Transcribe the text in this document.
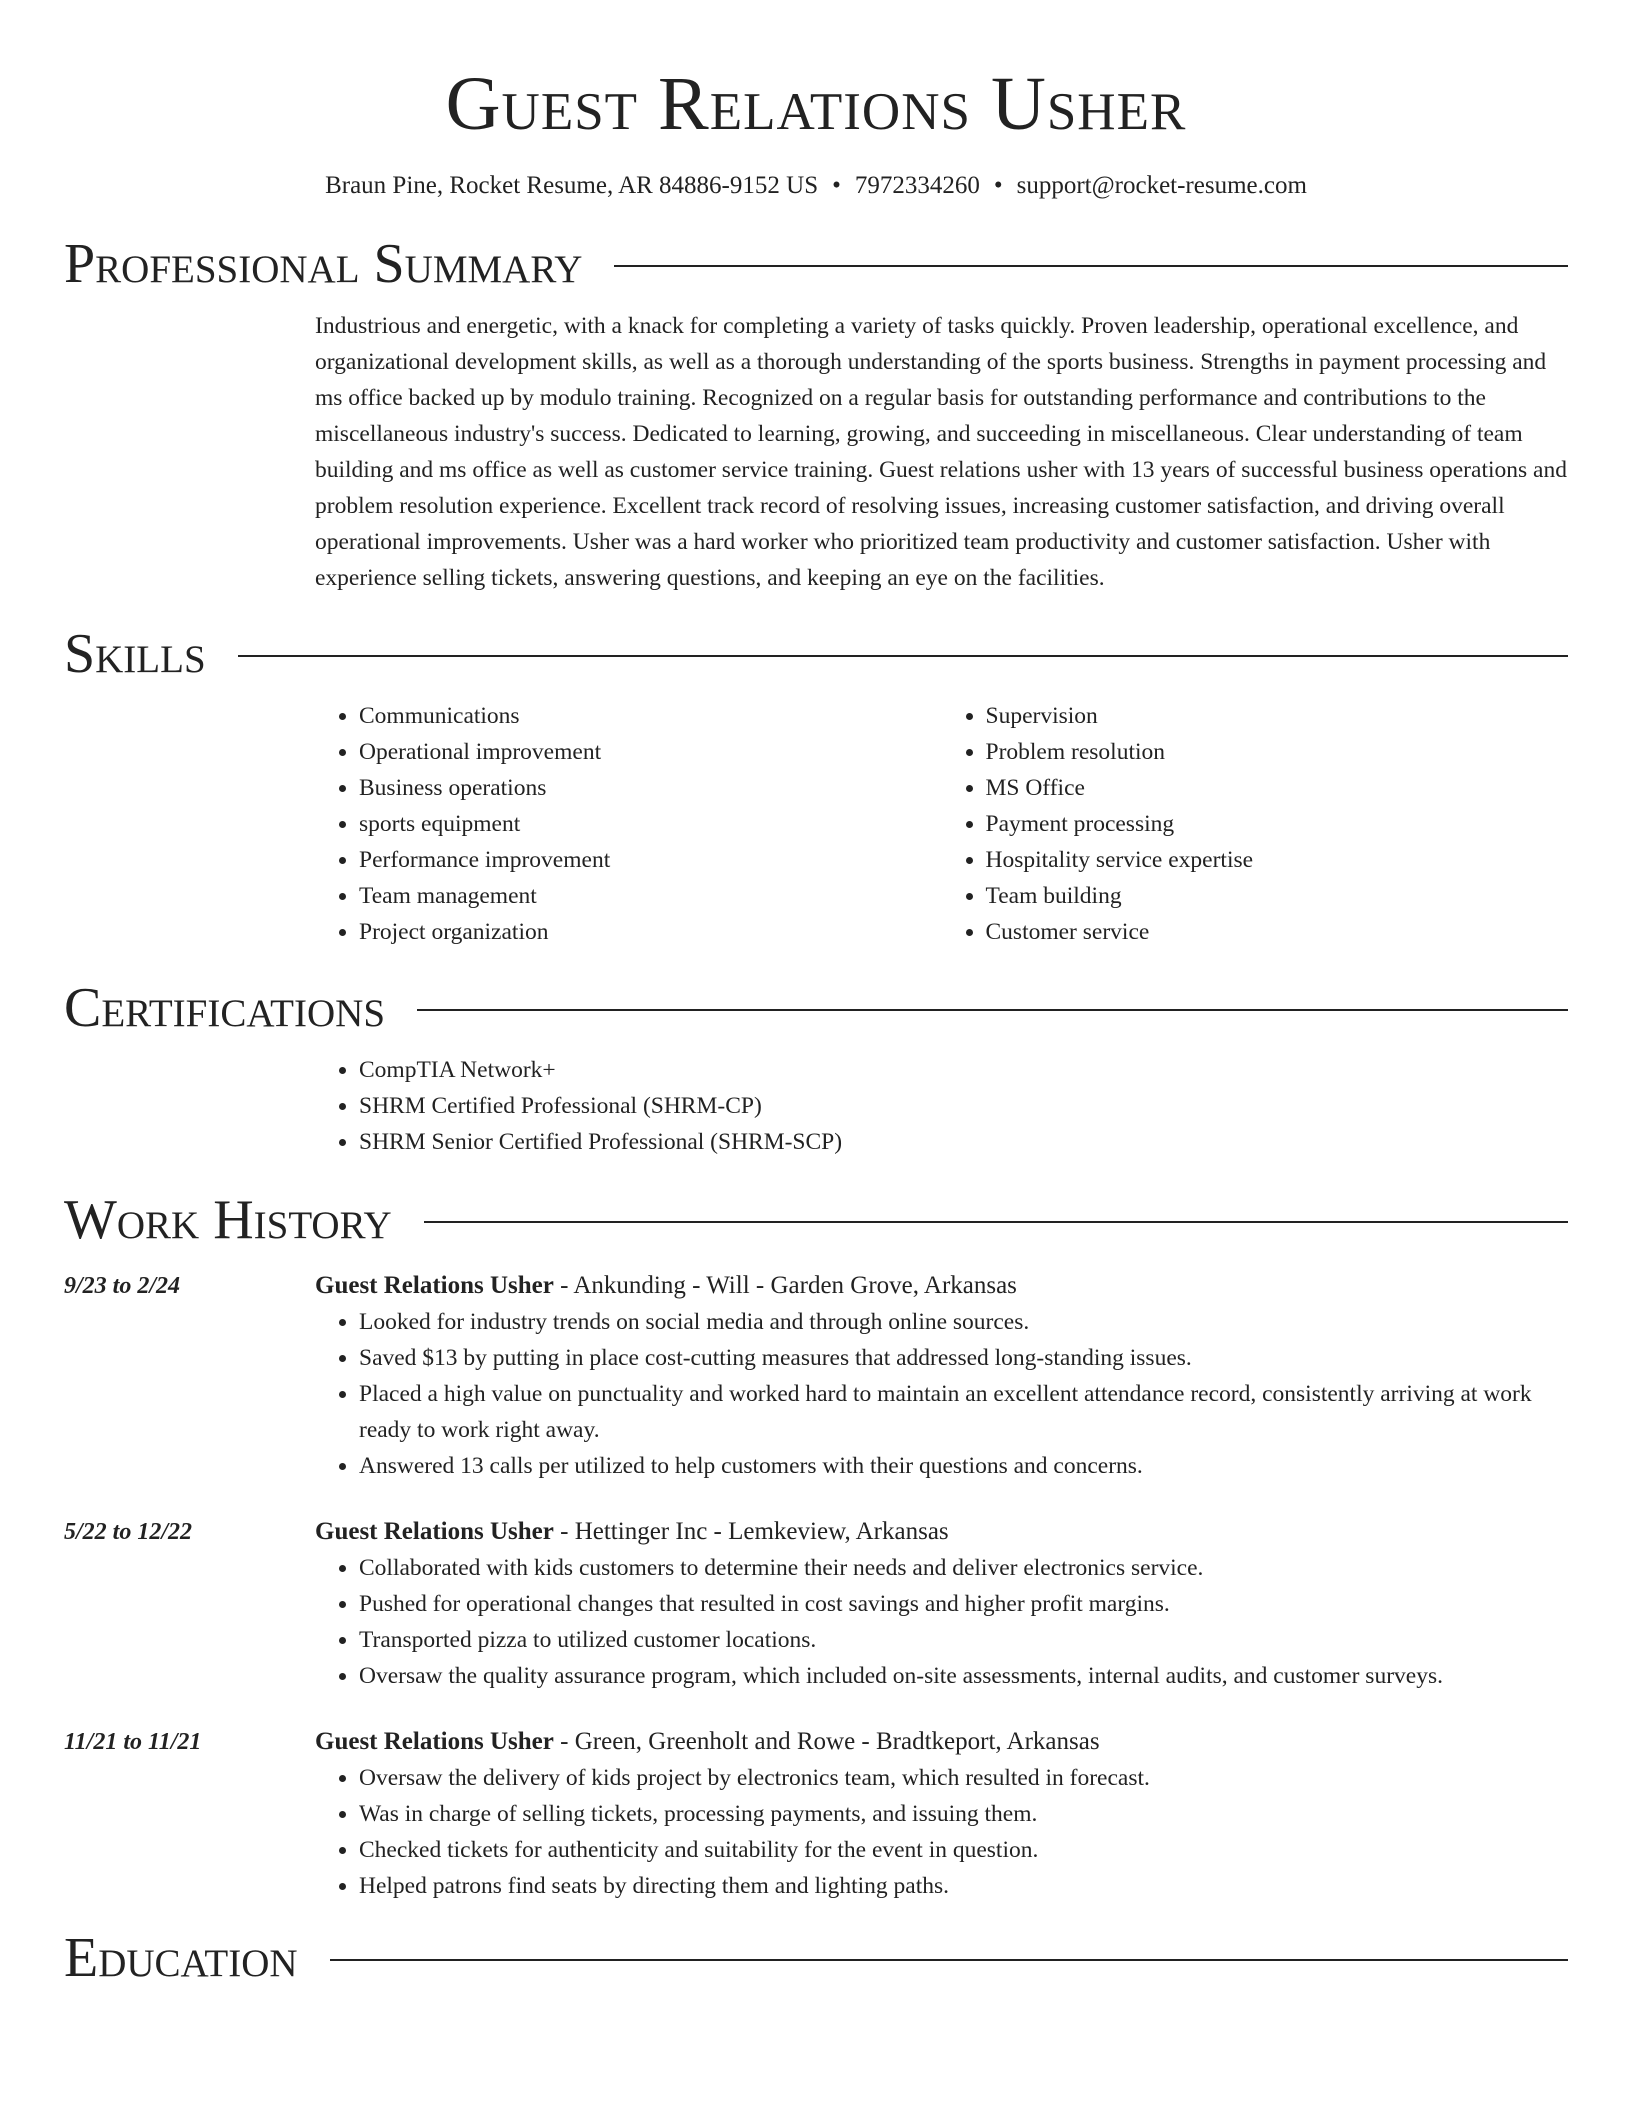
Guest Relations Usher
Braun Pine, Rocket Resume, AR 84886-9152 US • 7972334260 • support@rocket-resume.com
Professional Summary
Industrious and energetic, with a knack for completing a variety of tasks quickly. Proven leadership, operational excellence, and organizational development skills, as well as a thorough understanding of the sports business. Strengths in payment processing and ms office backed up by modulo training. Recognized on a regular basis for outstanding performance and contributions to the miscellaneous industry's success. Dedicated to learning, growing, and succeeding in miscellaneous. Clear understanding of team building and ms office as well as customer service training. Guest relations usher with 13 years of successful business operations and problem resolution experience. Excellent track record of resolving issues, increasing customer satisfaction, and driving overall operational improvements. Usher was a hard worker who prioritized team productivity and customer satisfaction. Usher with experience selling tickets, answering questions, and keeping an eye on the facilities.
Skills
• Communications
• Operational improvement
• Business operations
• sports equipment
• Performance improvement
• Team management
• Project organization
• Supervision
• Problem resolution
• MS Office
• Payment processing
• Hospitality service expertise
• Team building
• Customer service
Certifications
• CompTIA Network+
• SHRM Certified Professional (SHRM-CP)
• SHRM Senior Certified Professional (SHRM-SCP)
Work History
9/23 to 2/24	Guest Relations Usher - Ankunding - Will - Garden Grove, Arkansas
• Looked for industry trends on social media and through online sources.
• Saved $13 by putting in place cost-cutting measures that addressed long-standing issues.
• Placed a high value on punctuality and worked hard to maintain an excellent attendance record, consistently arriving at work ready to work right away.
• Answered 13 calls per utilized to help customers with their questions and concerns.
5/22 to 12/22	Guest Relations Usher - Hettinger Inc - Lemkeview, Arkansas
• Collaborated with kids customers to determine their needs and deliver electronics service.
• Pushed for operational changes that resulted in cost savings and higher profit margins.
• Transported pizza to utilized customer locations.
• Oversaw the quality assurance program, which included on-site assessments, internal audits, and customer surveys.
11/21 to 11/21	Guest Relations Usher - Green, Greenholt and Rowe - Bradtkeport, Arkansas
• Oversaw the delivery of kids project by electronics team, which resulted in forecast.
• Was in charge of selling tickets, processing payments, and issuing them.
• Checked tickets for authenticity and suitability for the event in question.
• Helped patrons find seats by directing them and lighting paths.
Education
